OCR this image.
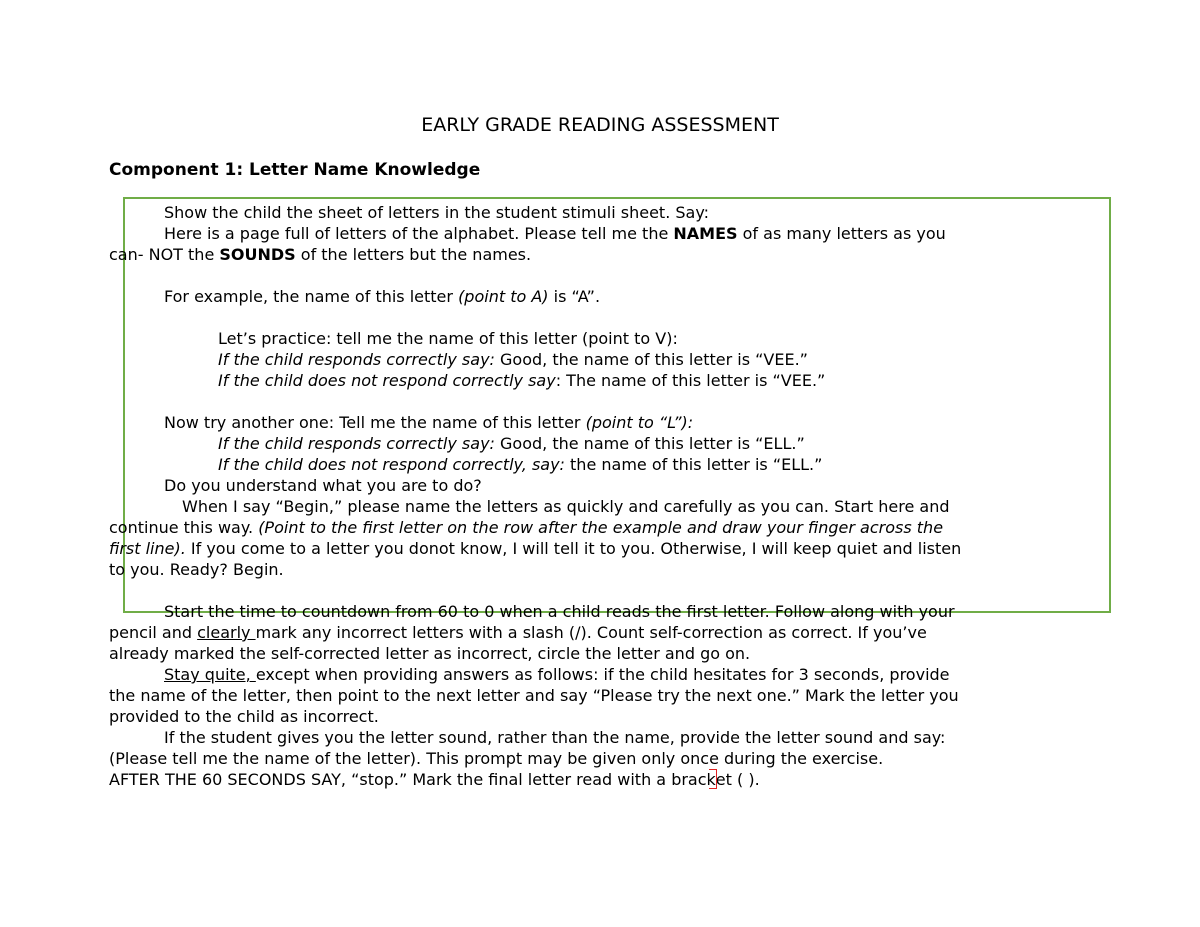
EARLY GRADE READING ASSESSMENT
Component 1: Letter Name Knowledge

Show the child the sheet of letters in the student stimuli sheet. Say:

Here is a page full of letters of the alphabet. Please tell me the NAMES of as many letters as you

can- NOT the SOUNDS of the letters but the names.

For example, the name of this letter (point to A) is “A”.

Let’s practice: tell me the name of this letter (point to V):

If the child responds correctly say: Good, the name of this letter is “VEE.”

If the child does not respond correctly say: The name of this letter is “VEE.”

Now try another one: Tell me the name of this letter (point to “L”):

If the child responds correctly say: Good, the name of this letter is “ELL.”

If the child does not respond correctly, say: the name of this letter is “ELL.”

Do you understand what you are to do?

When I say “Begin,” please name the letters as quickly and carefully as you can. Start here and

continue this way. (Point to the first letter on the row after the example and draw your finger across the

first line). If you come to a letter you donot know, I will tell it to you. Otherwise, I will keep quiet and listen

to you. Ready? Begin.

Start the time to countdown from 60 to 0 when a child reads the first letter. Follow along with your

pencil and clearly mark any incorrect letters with a slash (/). Count self-correction as correct. If you’ve

already marked the self-corrected letter as incorrect, circle the letter and go on.

Stay quite, except when providing answers as follows: if the child hesitates for 3 seconds, provide

the name of the letter, then point to the next letter and say “Please try the next one.” Mark the letter you

provided to the child as incorrect.

If the student gives you the letter sound, rather than the name, provide the letter sound and say:

(Please tell me the name of the letter). This prompt may be given only once during the exercise.

AFTER THE 60 SECONDS SAY, “stop.” Mark the final letter read with a bracket ( ).
